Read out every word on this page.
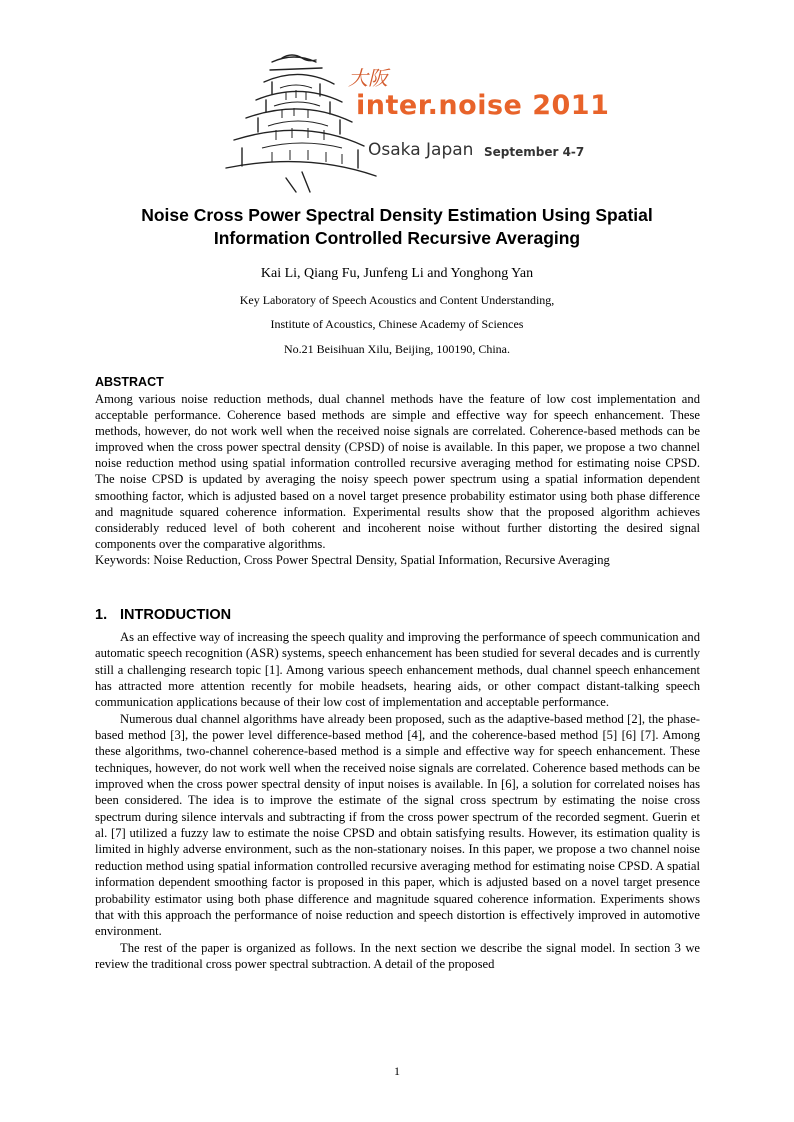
大阪
inter.noise 2011
Osaka Japan September 4-7
Noise Cross Power Spectral Density Estimation Using Spatial
Information Controlled Recursive Averaging
Kai Li, Qiang Fu, Junfeng Li and Yonghong Yan
Key Laboratory of Speech Acoustics and Content Understanding,
Institute of Acoustics, Chinese Academy of Sciences
No.21 Beisihuan Xilu, Beijing, 100190, China.
ABSTRACT

Among various noise reduction methods, dual channel methods have the feature of low cost implementation and acceptable performance. Coherence based methods are simple and effective way for speech enhancement. These methods, however, do not work well when the received noise signals are correlated. Coherence-based methods can be improved when the cross power spectral density (CPSD) of noise is available. In this paper, we propose a two channel noise reduction method using spatial information controlled recursive averaging method for estimating noise CPSD. The noise CPSD is updated by averaging the noisy speech power spectrum using a spatial information dependent smoothing factor, which is adjusted based on a novel target presence probability estimator using both phase difference and magnitude squared coherence information. Experimental results show that the proposed algorithm achieves considerably reduced level of both coherent and incoherent noise without further distorting the desired signal components over the comparative algorithms.

Keywords: Noise Reduction, Cross Power Spectral Density, Spatial Information, Recursive Averaging

1. INTRODUCTION

As an effective way of increasing the speech quality and improving the performance of speech communication and automatic speech recognition (ASR) systems, speech enhancement has been studied for several decades and is currently still a challenging research topic [1]. Among various speech enhancement methods, dual channel speech enhancement has attracted more attention recently for mobile headsets, hearing aids, or other compact distant-talking speech communication applications because of their low cost of implementation and acceptable performance.

Numerous dual channel algorithms have already been proposed, such as the adaptive-based method [2], the phase-based method [3], the power level difference-based method [4], and the coherence-based method [5] [6] [7]. Among these algorithms, two-channel coherence-based method is a simple and effective way for speech enhancement. These techniques, however, do not work well when the received noise signals are correlated. Coherence based methods can be improved when the cross power spectral density of input noises is available. In [6], a solution for correlated noises has been considered. The idea is to improve the estimate of the signal cross spectrum by estimating the noise cross spectrum during silence intervals and subtracting if from the cross power spectrum of the recorded segment. Guerin et al. [7] utilized a fuzzy law to estimate the noise CPSD and obtain satisfying results. However, its estimation quality is limited in highly adverse environment, such as the non-stationary noises. In this paper, we propose a two channel noise reduction method using spatial information controlled recursive averaging method for estimating noise CPSD. A spatial information dependent smoothing factor is proposed in this paper, which is adjusted based on a novel target presence probability estimator using both phase difference and magnitude squared coherence information. Experiments shows that with this approach the performance of noise reduction and speech distortion is effectively improved in automotive environment.

The rest of the paper is organized as follows. In the next section we describe the signal model. In section 3 we review the traditional cross power spectral subtraction. A detail of the proposed

1
